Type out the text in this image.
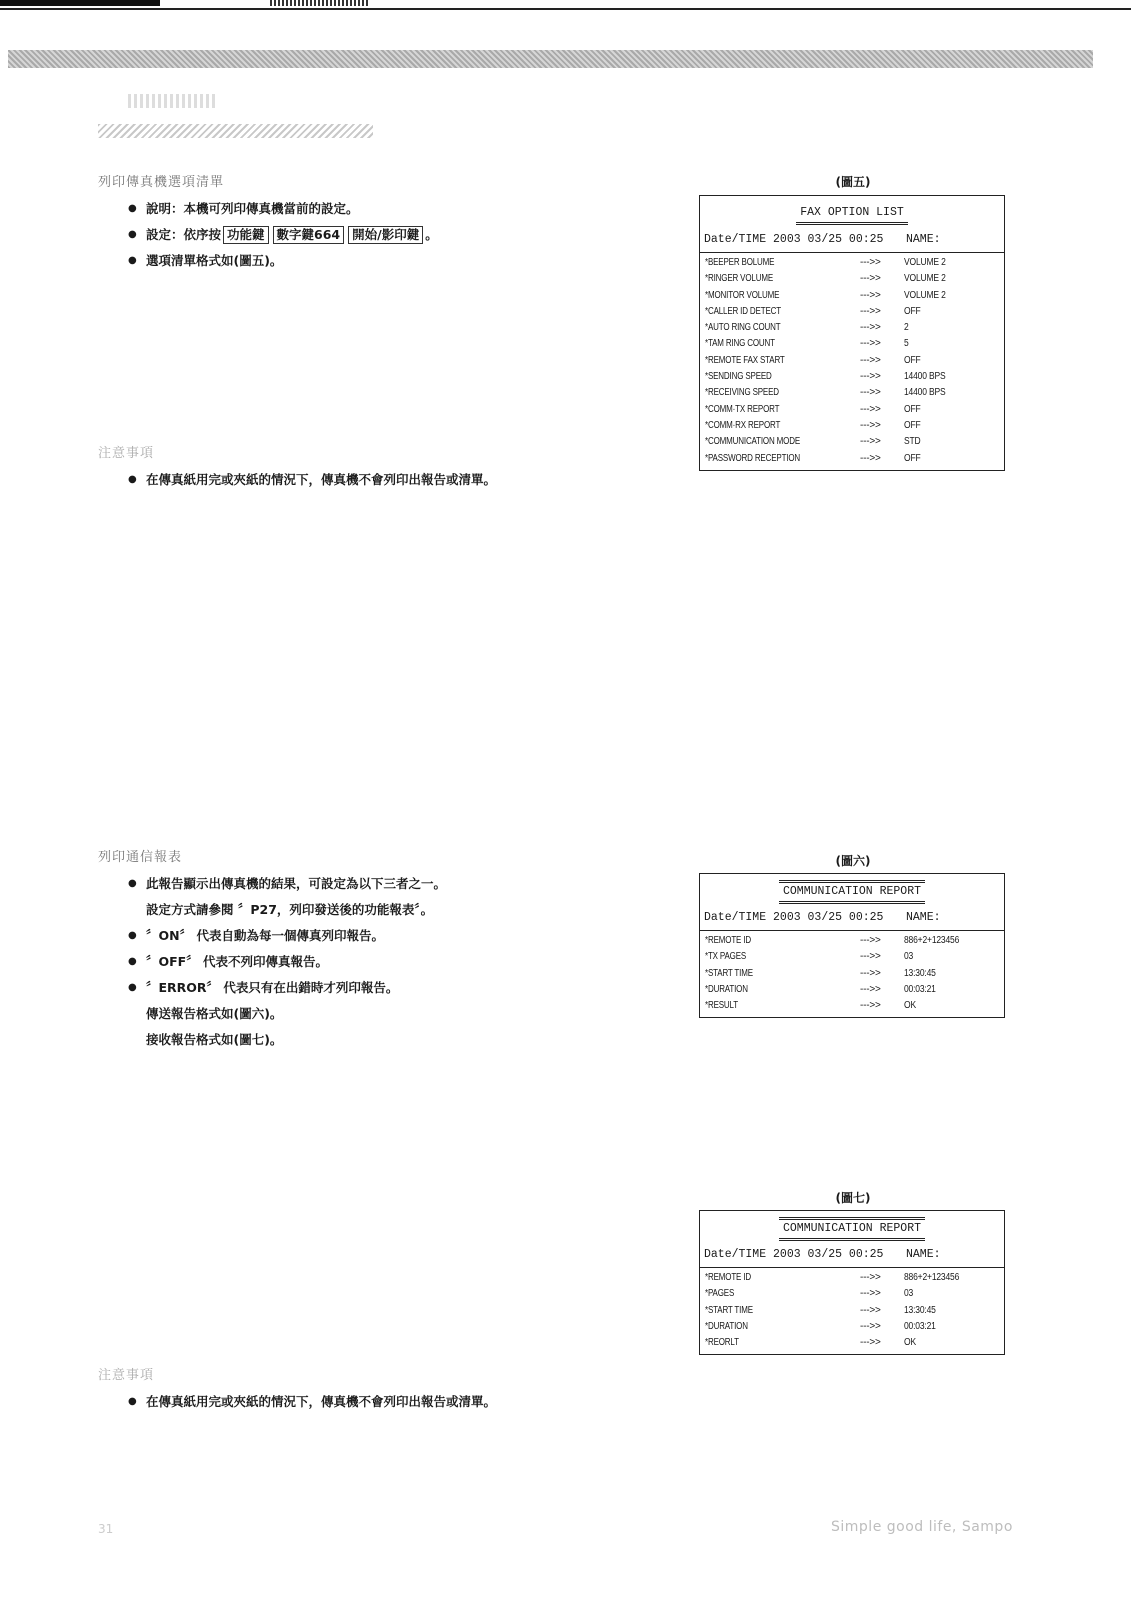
列印傳真機選項清單
● 說明：本機可列印傳真機當前的設定。
● 設定：依序按 功能鍵 數字鍵664 開始/影印鍵 。
● 選項清單格式如(圖五)。
注意事項
● 在傳真紙用完或夾紙的情況下，傳真機不會列印出報告或清單。
(圖五)
FAX OPTION LIST
Date/TIME 2003 03/25 00:25 NAME:
*BEEPER BOLUME	--->> VOLUME 2
*RINGER VOLUME	--->> VOLUME 2
*MONITOR VOLUME	--->> VOLUME 2
*CALLER ID DETECT	--->> OFF
*AUTO RING COUNT	--->> 2
*TAM RING COUNT	--->> 5
*REMOTE FAX START	--->> OFF
*SENDING SPEED	--->> 14400 BPS
*RECEIVING SPEED	--->> 14400 BPS
*COMM·TX REPORT	--->> OFF
*COMM·RX REPORT	--->> OFF
*COMMUNICATION MODE	--->> STD
*PASSWORD RECEPTION	--->> OFF
列印通信報表
● 此報告顯示出傳真機的結果，可設定為以下三者之一。
設定方式請參閱 〞P27，列印發送後的功能報表〞。
● 〞ON〞 代表自動為每一個傳真列印報告。
● 〞OFF〞 代表不列印傳真報告。
● 〞ERROR〞 代表只有在出錯時才列印報告。
傳送報告格式如(圖六)。
接收報告格式如(圖七)。
(圖六)
COMMUNICATION REPORT
Date/TIME 2003 03/25 00:25 NAME:
*REMOTE ID	--->> 886+2+123456
*TX PAGES	--->> 03
*START TIME	--->> 13:30:45
*DURATION	--->> 00:03:21
*RESULT	--->> OK
(圖七)
COMMUNICATION REPORT
Date/TIME 2003 03/25 00:25 NAME:
*REMOTE ID	--->> 886+2+123456
*PAGES	--->> 03
*START TIME	--->> 13:30:45
*DURATION	--->> 00:03:21
*REORLT	--->> OK
注意事項
● 在傳真紙用完或夾紙的情況下，傳真機不會列印出報告或清單。
31	Simple good life, Sampo
